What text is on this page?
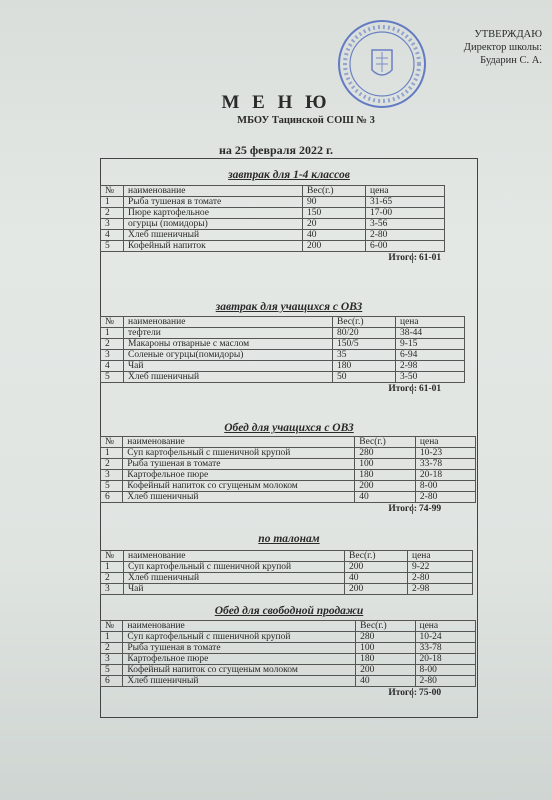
УТВЕРЖДАЮ
Директор школы:
Бударин С. А.
М Е Н Ю
МБОУ Тацинской СОШ № 3
на 25 февраля 2022 г.
завтрак для 1-4 классов
№	наименование	Вес(г.)	цена
1	Рыба тушеная в томате	90	31-65
2	Пюре картофельное	150	17-00
3	огурцы (помидоры)	20	3-56
4	Хлеб пшеничный	40	2-80
5	Кофейный напиток	200	6-00
Итого: 61-01
завтрак для учащихся с ОВЗ
№	наименование	Вес(г.)	цена
1	тефтели	80/20	38-44
2	Макароны отварные с маслом	150/5	9-15
3	Соленые огурцы(помидоры)	35	6-94
4	Чай	180	2-98
5	Хлеб пшеничный	50	3-50
Итого: 61-01
Обед для учащихся с ОВЗ
№	наименование	Вес(г.)	цена
1	Суп картофельный с пшеничной крупой	280	10-23
2	Рыба тушеная в томате	100	33-78
3	Картофельное пюре	180	20-18
5	Кофейный напиток со сгущеным молоком	200	8-00
6	Хлеб пшеничный	40	2-80
Итого: 74-99
по талонам
№	наименование	Вес(г.)	цена
1	Суп картофельный с пшеничной крупой	200	9-22
2	Хлеб пшеничный	40	2-80
3	Чай	200	2-98
Обед для свободной продажи
№	наименование	Вес(г.)	цена
1	Суп картофельный с пшеничной крупой	280	10-24
2	Рыба тушеная в томате	100	33-78
3	Картофельное пюре	180	20-18
5	Кофейный напиток со сгущеным молоком	200	8-00
6	Хлеб пшеничный	40	2-80
Итого: 75-00
